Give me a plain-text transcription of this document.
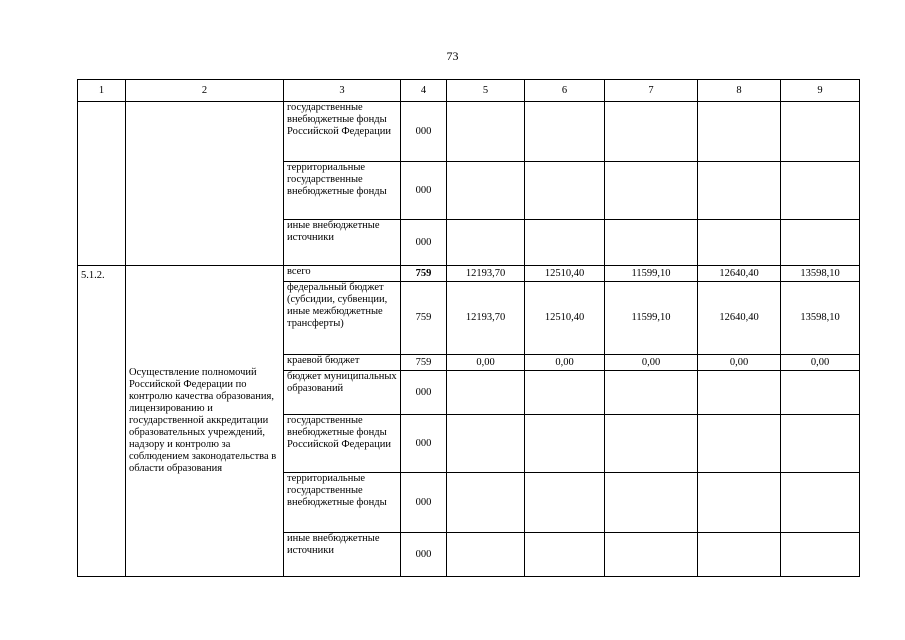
73
1	2	3	4	5	6	7	8	9
		государственные внебюджетные фонды Российской Федерации	000					
		территориальные государственные внебюджетные фонды	000					
		иные внебюджетные источники	000					
5.1.2.	Осуществление полномочий Российской Федерации по контролю качества образования, лицензированию и государственной аккредитации образовательных учреждений, надзору и контролю за соблюдением законодательства в области образования	всего	759	12193,70	12510,40	11599,10	12640,40	13598,10
		федеральный бюджет (субсидии, субвенции, иные межбюджетные трансферты)	759	12193,70	12510,40	11599,10	12640,40	13598,10
		краевой бюджет	759	0,00	0,00	0,00	0,00	0,00
		бюджет муниципальных образований	000					
		государственные внебюджетные фонды Российской Федерации	000					
		территориальные государственные внебюджетные фонды	000					
		иные внебюджетные источники	000					
